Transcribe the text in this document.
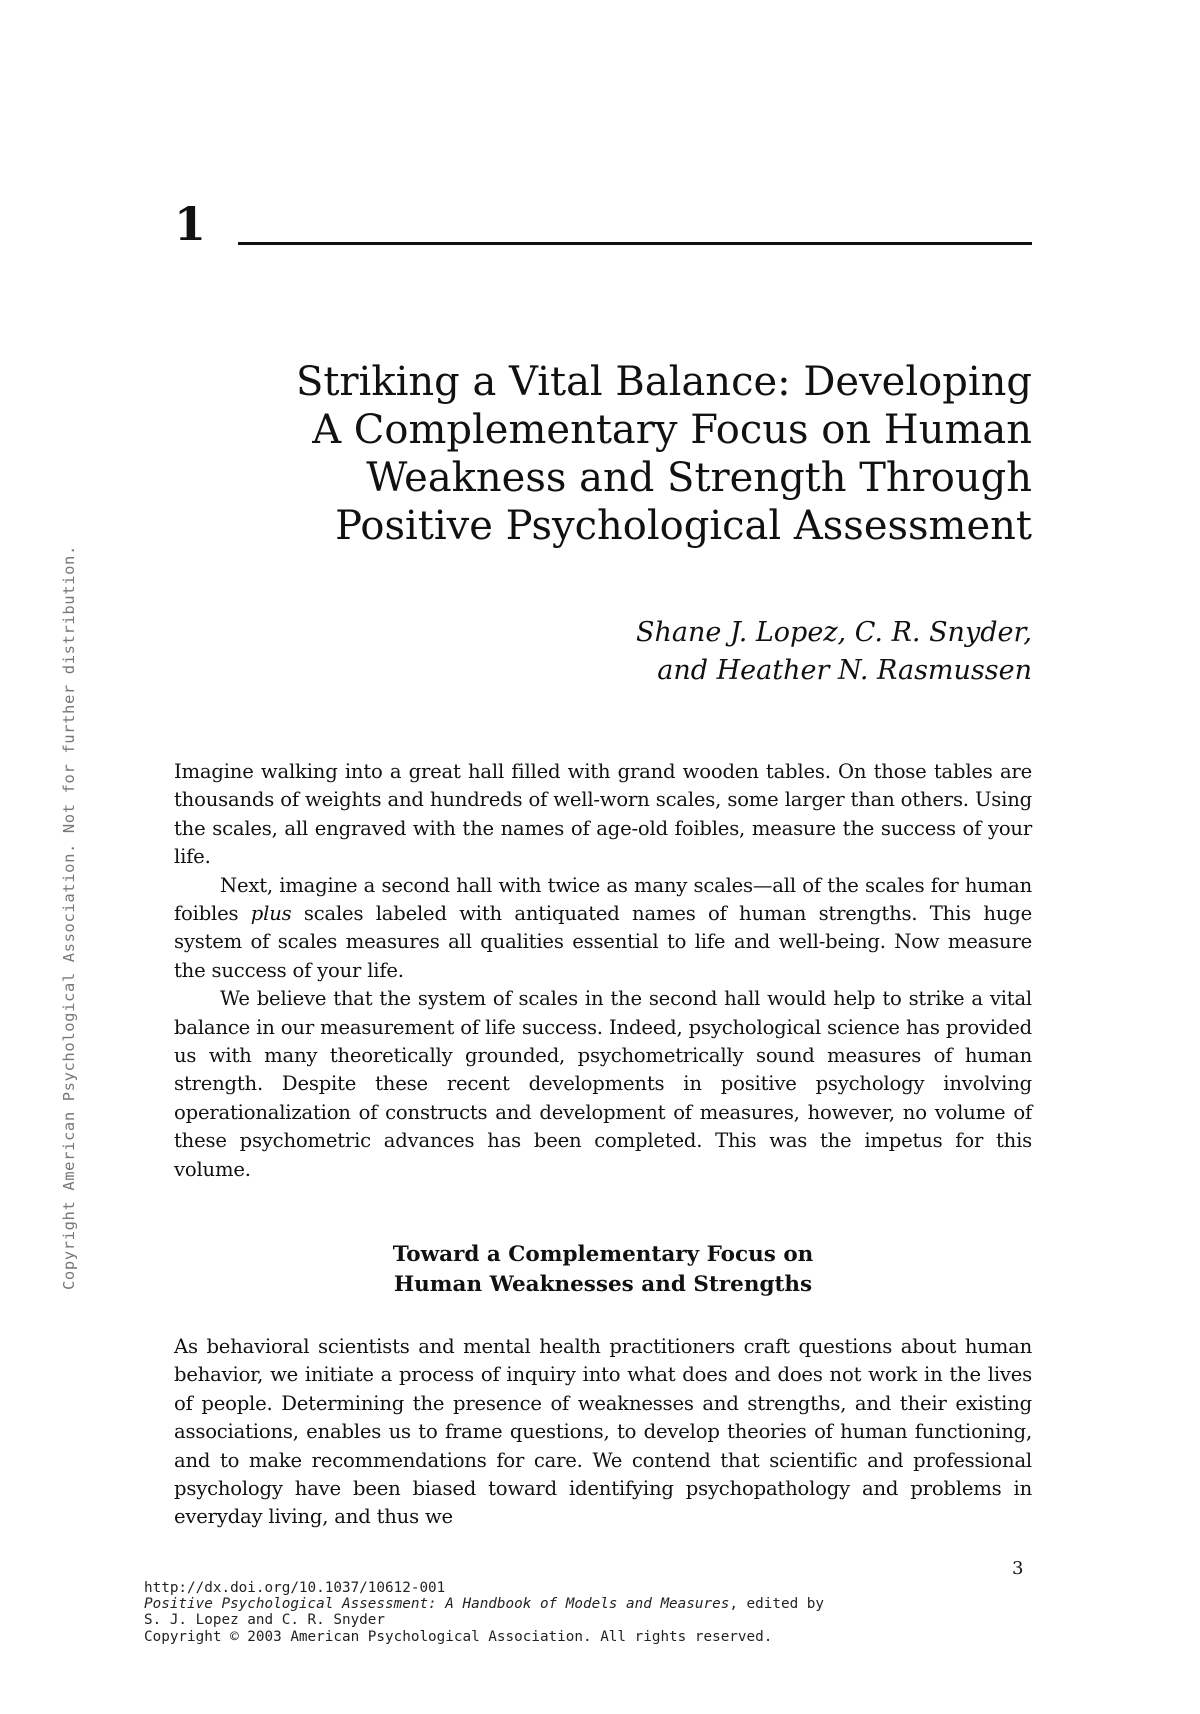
Copyright American Psychological Association. Not for further distribution.
1
Striking a Vital Balance: Developing
A Complementary Focus on Human
Weakness and Strength Through
Positive Psychological Assessment
Shane J. Lopez, C. R. Snyder,
and Heather N. Rasmussen

Imagine walking into a great hall filled with grand wooden tables. On those tables are thousands of weights and hundreds of well-worn scales, some larger than others. Using the scales, all engraved with the names of age-old foibles, measure the success of your life.

Next, imagine a second hall with twice as many scales—all of the scales for human foibles plus scales labeled with antiquated names of human strengths. This huge system of scales measures all qualities essential to life and well-being. Now measure the success of your life.

We believe that the system of scales in the second hall would help to strike a vital balance in our measurement of life success. Indeed, psychological science has provided us with many theoretically grounded, psychometrically sound measures of human strength. Despite these recent developments in positive psychology involving operationalization of constructs and development of measures, however, no volume of these psychometric advances has been completed. This was the impetus for this volume.

Toward a Complementary Focus on
Human Weaknesses and Strengths

As behavioral scientists and mental health practitioners craft questions about human behavior, we initiate a process of inquiry into what does and does not work in the lives of people. Determining the presence of weaknesses and strengths, and their existing associations, enables us to frame questions, to develop theories of human functioning, and to make recommendations for care. We contend that scientific and professional psychology have been biased toward identifying psychopathology and problems in everyday living, and thus we

3
http://dx.doi.org/10.1037/10612-001
Positive Psychological Assessment: A Handbook of Models and Measures, edited by
S. J. Lopez and C. R. Snyder
Copyright © 2003 American Psychological Association. All rights reserved.
